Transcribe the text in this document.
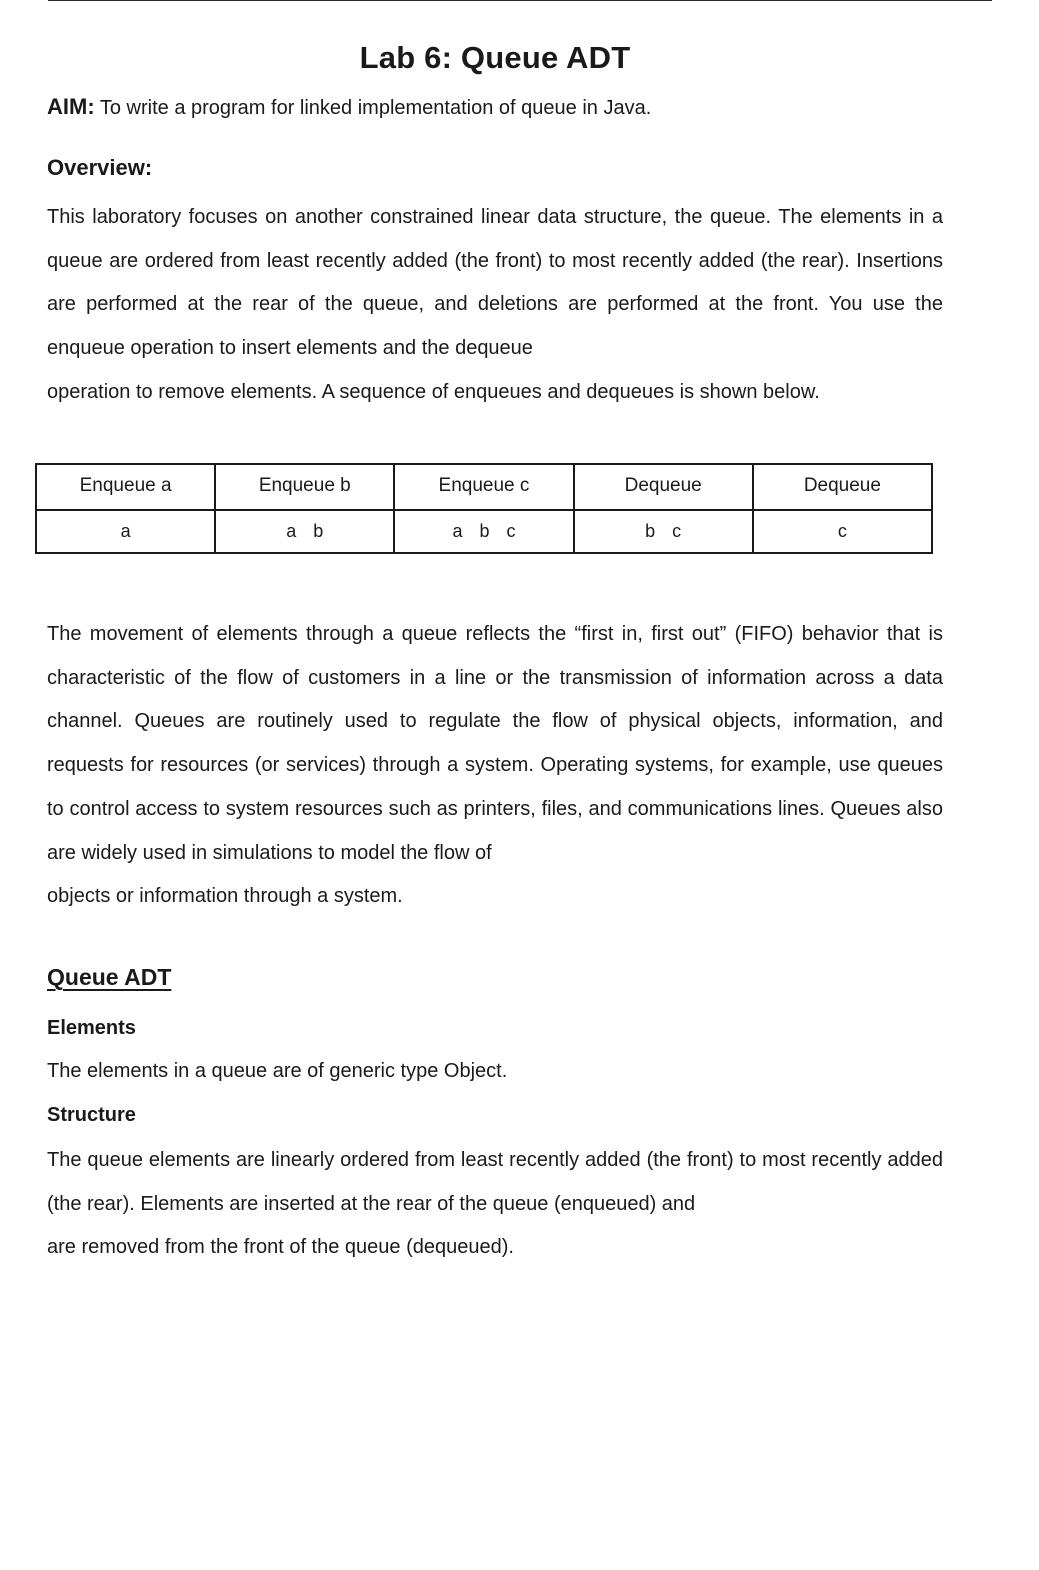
Lab 6: Queue ADT

AIM: To write a program for linked implementation of queue in Java.

Overview:

This laboratory focuses on another constrained linear data structure, the queue. The elements in a queue are ordered from least recently added (the front) to most recently added (the rear). Insertions are performed at the rear of the queue, and deletions are performed at the front. You use the enqueue operation to insert elements and the dequeue
operation to remove elements. A sequence of enqueues and dequeues is shown below.

Enqueue a	Enqueue b	Enqueue c	Dequeue	Dequeue
a	a b	a b c	b c	c

The movement of elements through a queue reflects the “first in, first out” (FIFO) behavior that is characteristic of the flow of customers in a line or the transmission of information across a data channel. Queues are routinely used to regulate the flow of physical objects, information, and requests for resources (or services) through a system. Operating systems, for example, use queues to control access to system resources such as printers, files, and communications lines. Queues also are widely used in simulations to model the flow of
objects or information through a system.

Queue ADT
Elements

The elements in a queue are of generic type Object.

Structure

The queue elements are linearly ordered from least recently added (the front) to most recently added (the rear). Elements are inserted at the rear of the queue (enqueued) and
are removed from the front of the queue (dequeued).
